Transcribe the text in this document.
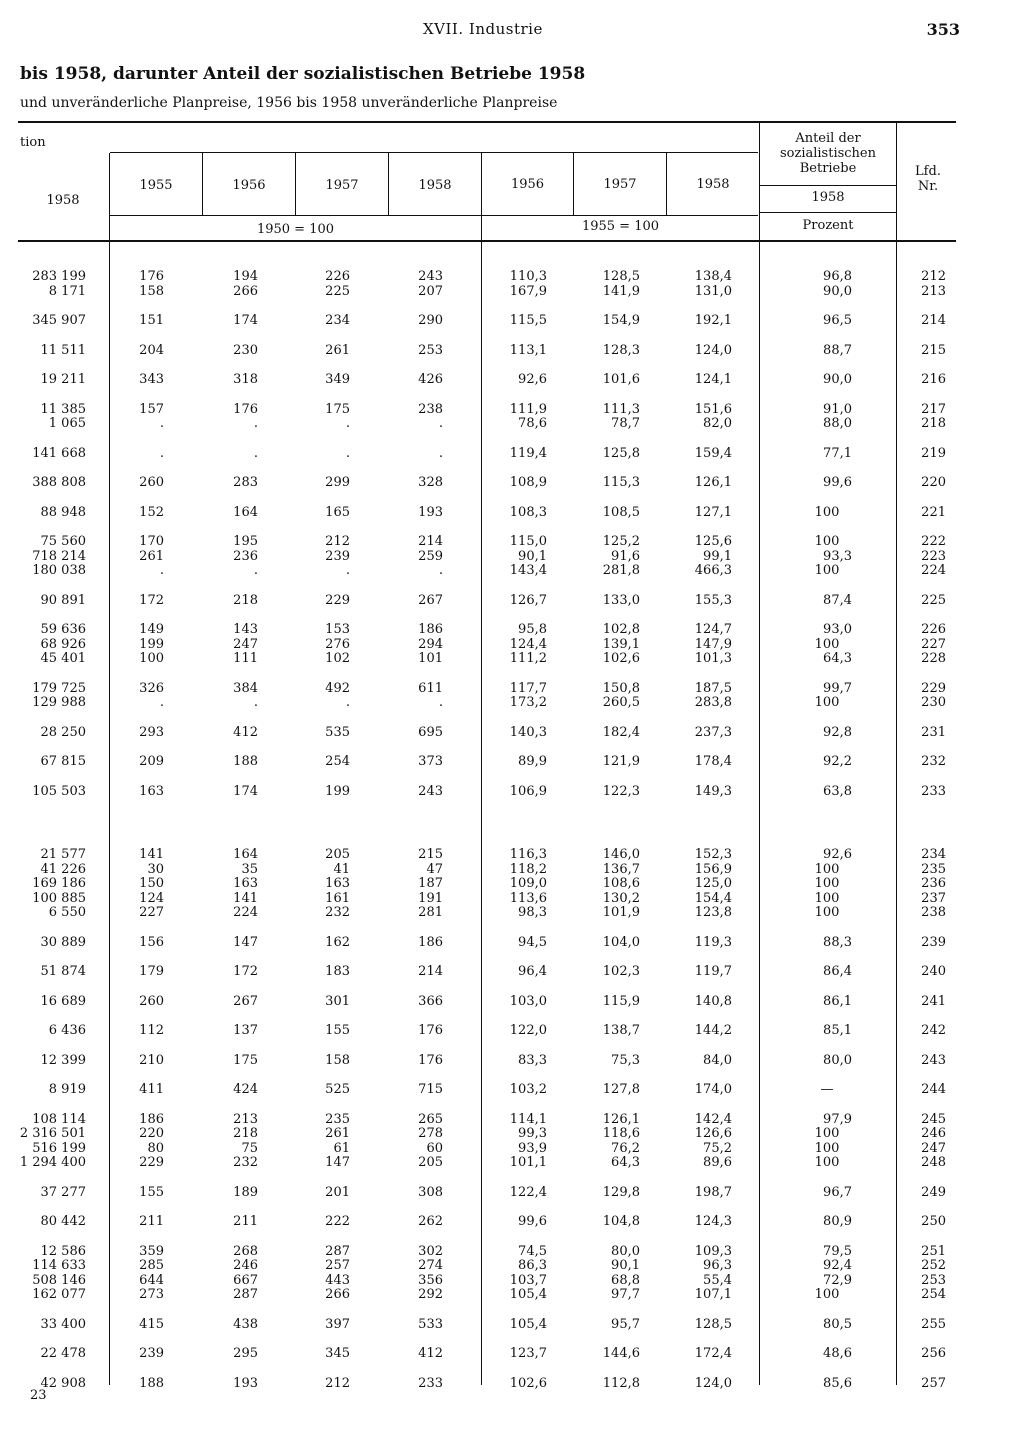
XVII. Industrie	353
bis 1958, darunter Anteil der sozialistischen Betriebe 1958
und unveränderliche Planpreise, 1956 bis 1958 unveränderliche Planpreise
tion
1958
1955	1956	1957	1958	1956	1957	1958
Anteil der sozialistischen Betriebe
1958
Lfd. Nr.
1950 = 100	1955 = 100	Prozent
283 199	176	194	226	243	110,3	128,5	138,4	96,8	212
8 171	158	266	225	207	167,9	141,9	131,0	90,0	213
345 907	151	174	234	290	115,5	154,9	192,1	96,5	214
11 511	204	230	261	253	113,1	128,3	124,0	88,7	215
19 211	343	318	349	426	92,6	101,6	124,1	90,0	216
11 385	157	176	175	238	111,9	111,3	151,6	91,0	217
1 065	.	.	.	.	78,6	78,7	82,0	88,0	218
141 668	.	.	.	.	119,4	125,8	159,4	77,1	219
388 808	260	283	299	328	108,9	115,3	126,1	99,6	220
88 948	152	164	165	193	108,3	108,5	127,1	100	221
75 560	170	195	212	214	115,0	125,2	125,6	100	222
718 214	261	236	239	259	90,1	91,6	99,1	93,3	223
180 038	.	.	.	.	143,4	281,8	466,3	100	224
90 891	172	218	229	267	126,7	133,0	155,3	87,4	225
59 636	149	143	153	186	95,8	102,8	124,7	93,0	226
68 926	199	247	276	294	124,4	139,1	147,9	100	227
45 401	100	111	102	101	111,2	102,6	101,3	64,3	228
179 725	326	384	492	611	117,7	150,8	187,5	99,7	229
129 988	.	.	.	.	173,2	260,5	283,8	100	230
28 250	293	412	535	695	140,3	182,4	237,3	92,8	231
67 815	209	188	254	373	89,9	121,9	178,4	92,2	232
105 503	163	174	199	243	106,9	122,3	149,3	63,8	233
21 577	141	164	205	215	116,3	146,0	152,3	92,6	234
41 226	30	35	41	47	118,2	136,7	156,9	100	235
169 186	150	163	163	187	109,0	108,6	125,0	100	236
100 885	124	141	161	191	113,6	130,2	154,4	100	237
6 550	227	224	232	281	98,3	101,9	123,8	100	238
30 889	156	147	162	186	94,5	104,0	119,3	88,3	239
51 874	179	172	183	214	96,4	102,3	119,7	86,4	240
16 689	260	267	301	366	103,0	115,9	140,8	86,1	241
6 436	112	137	155	176	122,0	138,7	144,2	85,1	242
12 399	210	175	158	176	83,3	75,3	84,0	80,0	243
8 919	411	424	525	715	103,2	127,8	174,0	—	244
108 114	186	213	235	265	114,1	126,1	142,4	97,9	245
2 316 501	220	218	261	278	99,3	118,6	126,6	100	246
516 199	80	75	61	60	93,9	76,2	75,2	100	247
1 294 400	229	232	147	205	101,1	64,3	89,6	100	248
37 277	155	189	201	308	122,4	129,8	198,7	96,7	249
80 442	211	211	222	262	99,6	104,8	124,3	80,9	250
12 586	359	268	287	302	74,5	80,0	109,3	79,5	251
114 633	285	246	257	274	86,3	90,1	96,3	92,4	252
508 146	644	667	443	356	103,7	68,8	55,4	72,9	253
162 077	273	287	266	292	105,4	97,7	107,1	100	254
33 400	415	438	397	533	105,4	95,7	128,5	80,5	255
22 478	239	295	345	412	123,7	144,6	172,4	48,6	256
42 908	188	193	212	233	102,6	112,8	124,0	85,6	257
23
